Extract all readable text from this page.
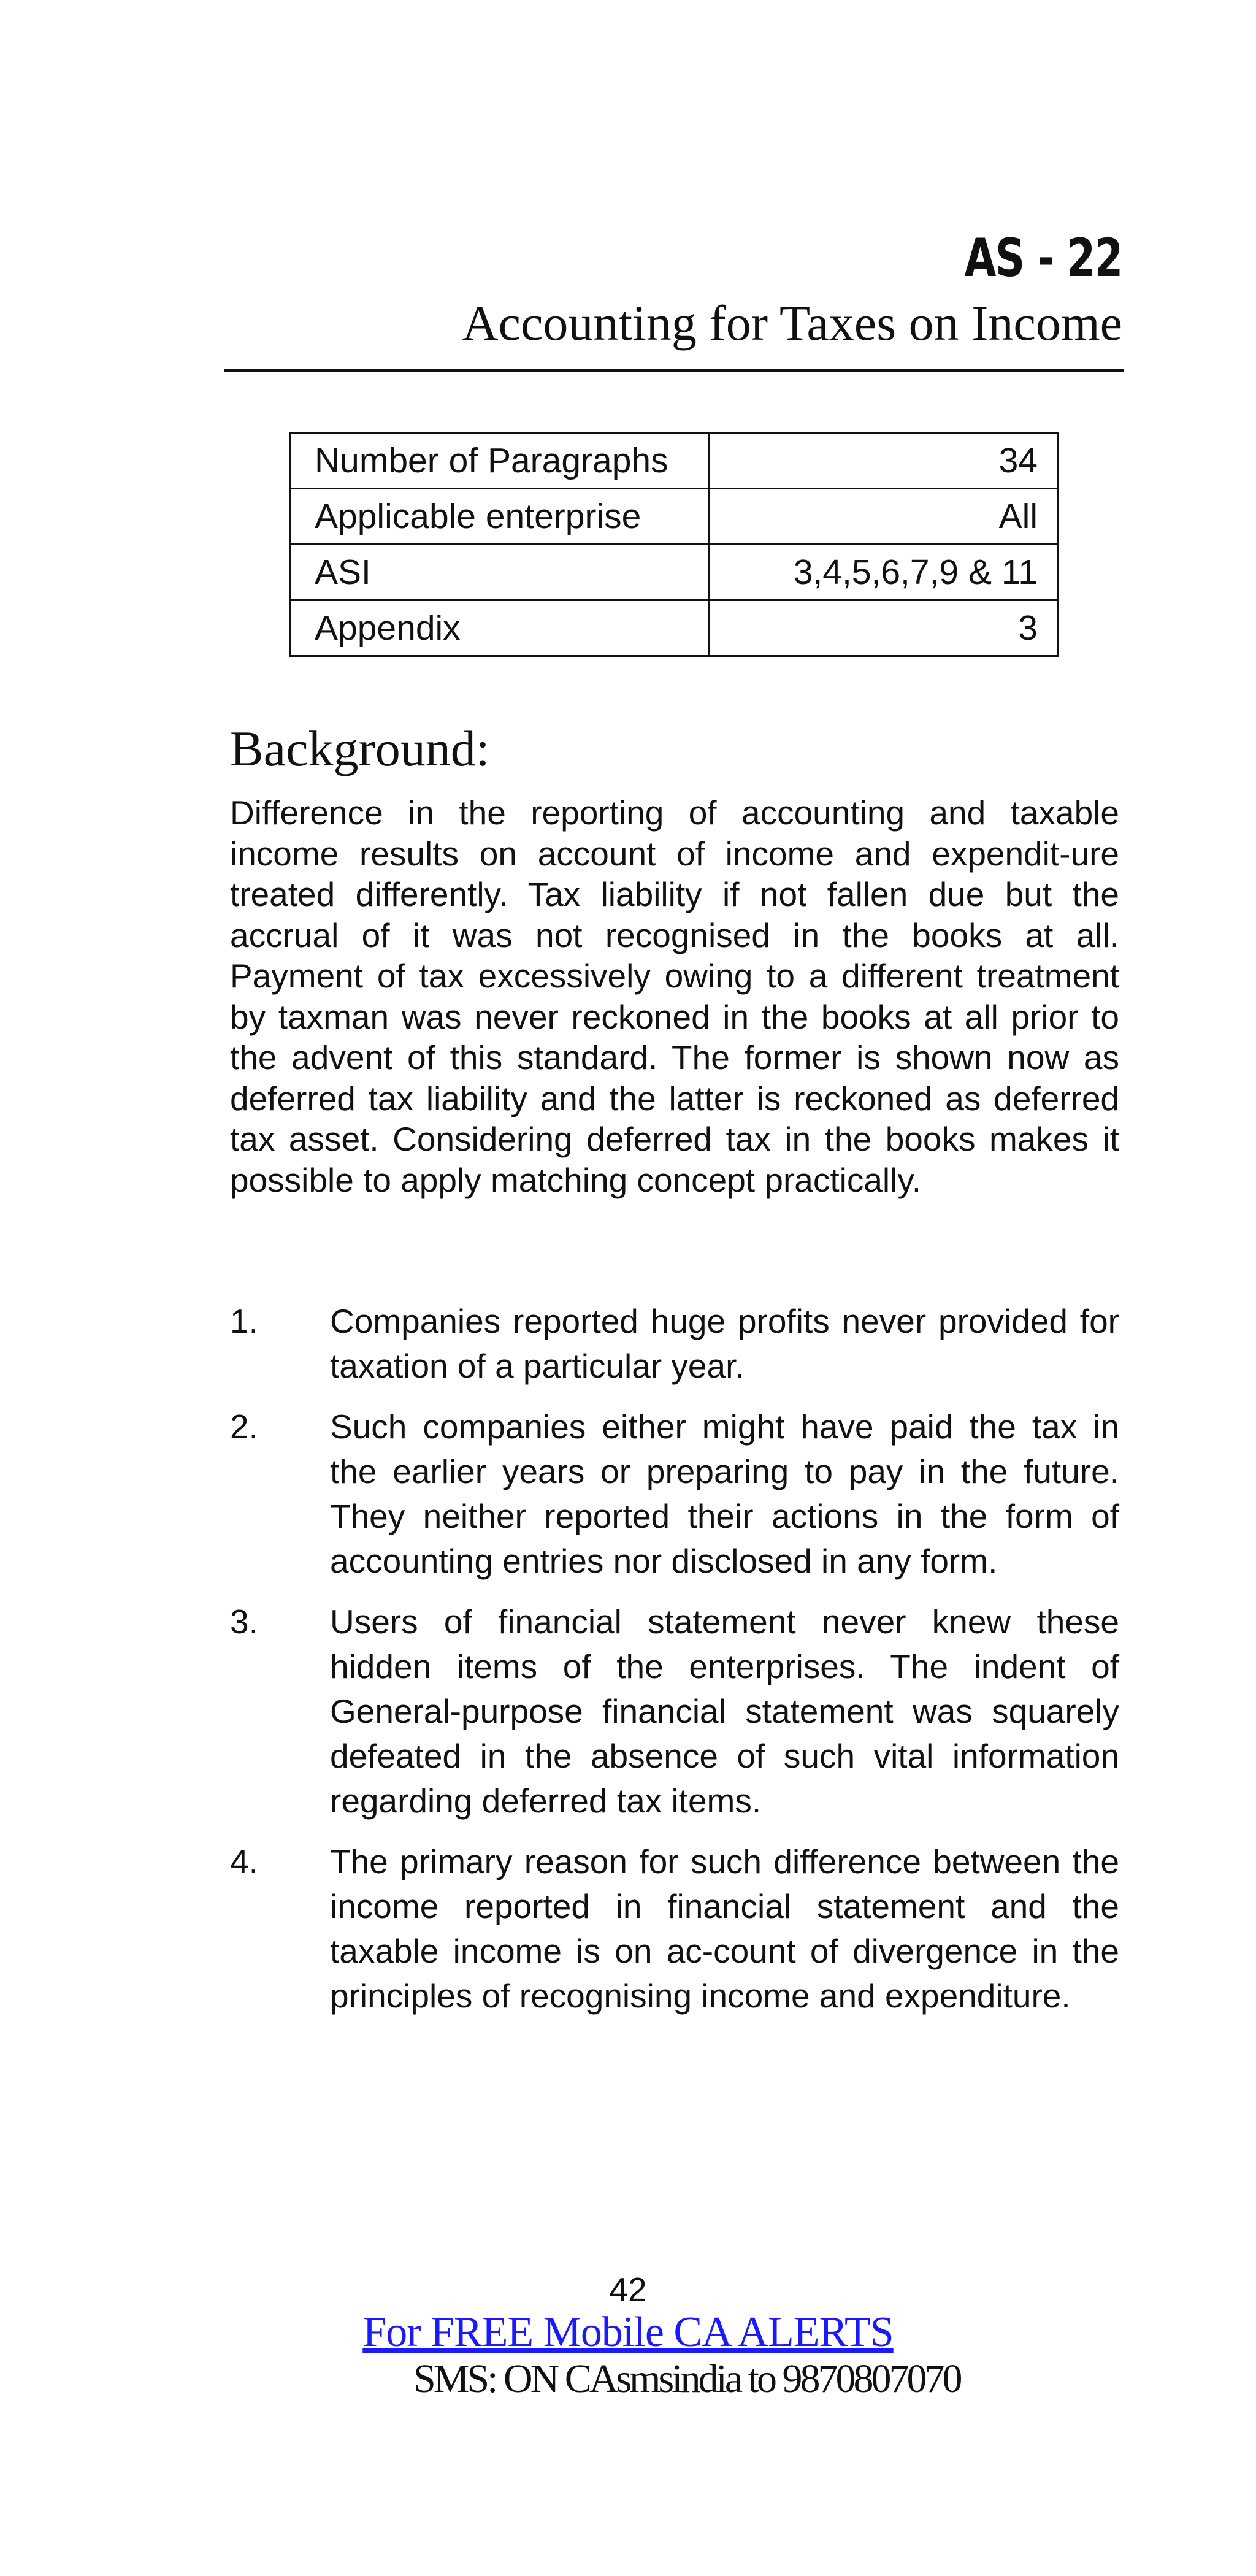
AS - 22
Accounting for Taxes on Income
Number of Paragraphs	34
Applicable enterprise	All
ASI	3,4,5,6,7,9 & 11
Appendix	3
Background:

Difference in the reporting of accounting and taxable income results on account of income and expendit-ure treated differently. Tax liability if not fallen due but the accrual of it was not recognised in the books at all. Payment of tax excessively owing to a different treatment by taxman was never reckoned in the books at all prior to the advent of this standard. The former is shown now as deferred tax liability and the latter is reckoned as deferred tax asset. Considering deferred tax in the books makes it possible to apply matching concept practically.

1.	Companies reported huge profits never provided for taxation of a particular year.
2.	Such companies either might have paid the tax in the earlier years or preparing to pay in the future. They neither reported their actions in the form of accounting entries nor disclosed in any form.
3.	Users of financial statement never knew these hidden items of the enterprises. The indent of General-purpose financial statement was squarely defeated in the absence of such vital information regarding deferred tax items.
4.	The primary reason for such difference between the income reported in financial statement and the taxable income is on ac-count of divergence in the principles of recognising income and expenditure.
42
For FREE Mobile CA ALERTS
SMS: ON CAsmsindia to 9870807070
